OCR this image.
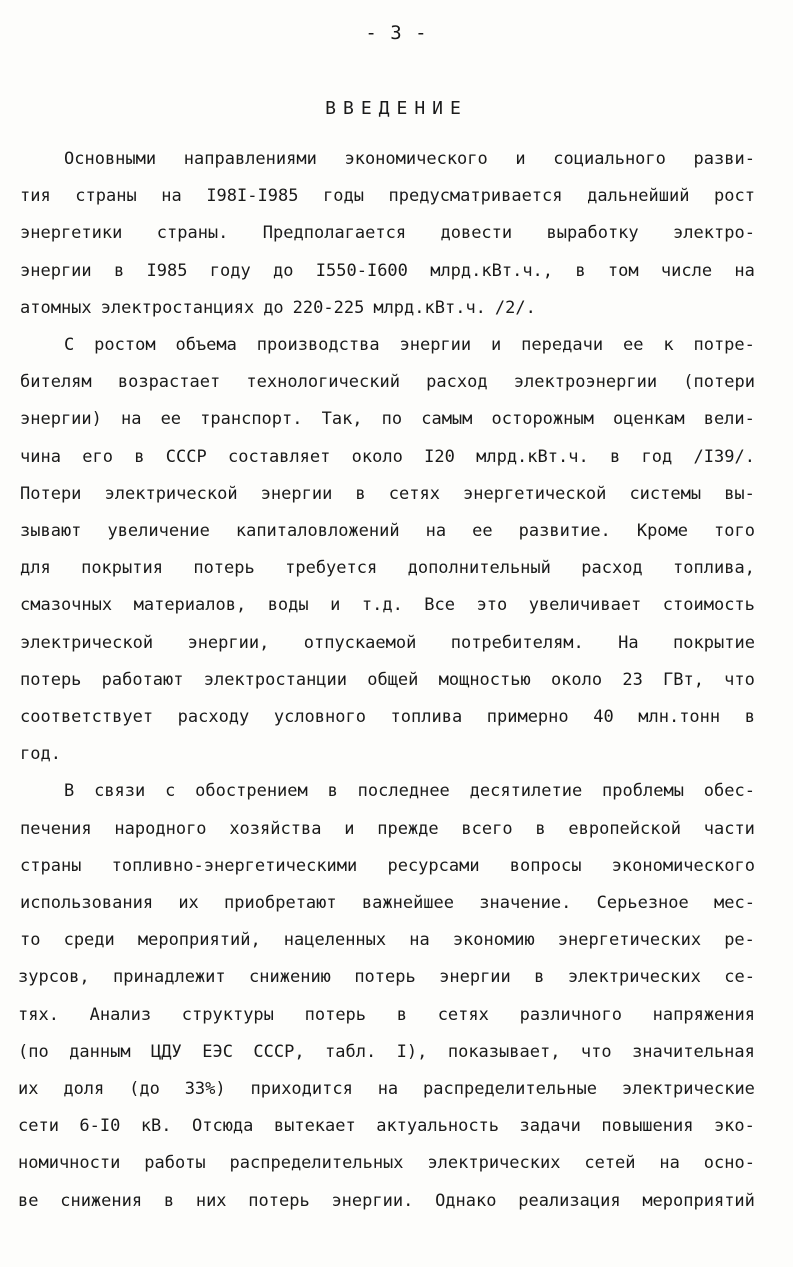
- 3 -
ВВЕДЕНИЕ
Основными направлениями экономического и социального разви-
тия страны на I98I-I985 годы предусматривается дальнейший рост
энергетики страны. Предполагается довести выработку электро-
энергии в I985 году до I550-I600 млрд.кВт.ч., в том числе на
атомных электростанциях до 220-225 млрд.кВт.ч. /2/.
С ростом объема производства энергии и передачи ее к потре-
бителям возрастает технологический расход электроэнергии (потери
энергии) на ее транспорт. Так, по самым осторожным оценкам вели-
чина его в СССР составляет около I20 млрд.кВт.ч. в год /I39/.
Потери электрической энергии в сетях энергетической системы вы-
зывают увеличение капиталовложений на ее развитие. Кроме того
для покрытия потерь требуется дополнительный расход топлива,
смазочных материалов, воды и т.д. Все это увеличивает стоимость
электрической энергии, отпускаемой потребителям. На покрытие
потерь работают электростанции общей мощностью около 23 ГВт, что
соответствует расходу условного топлива примерно 40 млн.тонн в
год.
В связи с обострением в последнее десятилетие проблемы обес-
печения народного хозяйства и прежде всего в европейской части
страны топливно-энергетическими ресурсами вопросы экономического
использования их приобретают важнейшее значение. Серьезное мес-
то среди мероприятий, нацеленных на экономию энергетических ре-
зурсов, принадлежит снижению потерь энергии в электрических се-
тях. Анализ структуры потерь в сетях различного напряжения
(по данным ЦДУ ЕЭС СССР, табл. I), показывает, что значительная
их доля (до 33%) приходится на распределительные электрические
сети 6-I0 кВ. Отсюда вытекает актуальность задачи повышения эко-
номичности работы распределительных электрических сетей на осно-
ве снижения в них потерь энергии. Однако реализация мероприятий
